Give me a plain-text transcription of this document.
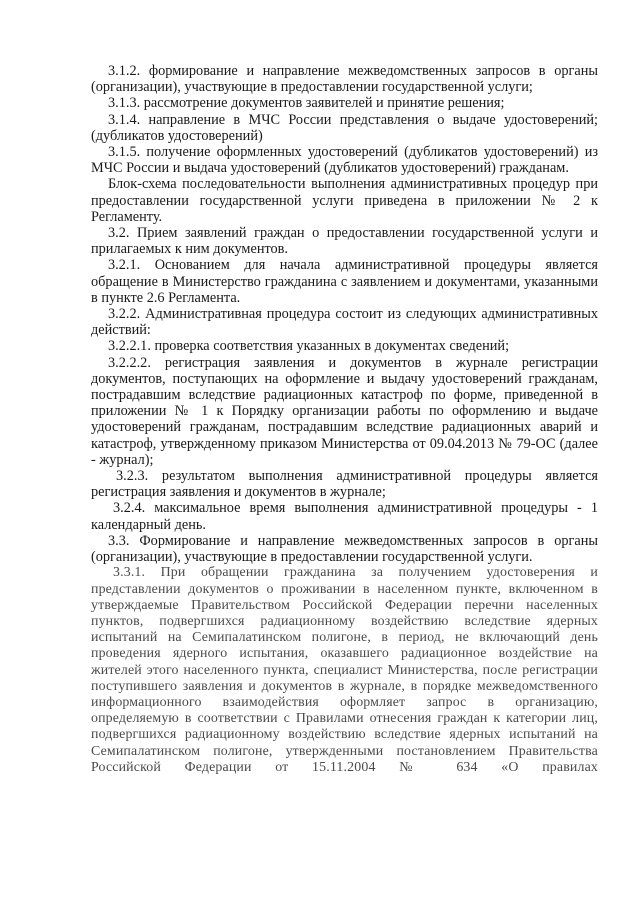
3.1.2. формирование и направление межведомственных запросов в органы (организации), участвующие в предоставлении государственной услуги;

3.1.3. рассмотрение документов заявителей и принятие решения;

3.1.4. направление в МЧС России представления о выдаче удостоверений; (дубликатов удостоверений)

3.1.5. получение оформленных удостоверений (дубликатов удостоверений) из МЧС России и выдача удостоверений (дубликатов удостоверений) гражданам.

Блок-схема последовательности выполнения административных процедур при предоставлении государственной услуги приведена в приложении № 2 к Регламенту.

3.2. Прием заявлений граждан о предоставлении государственной услуги и прилагаемых к ним документов.

3.2.1. Основанием для начала административной процедуры является обращение в Министерство гражданина с заявлением и документами, указанными в пункте 2.6 Регламента.

3.2.2. Административная процедура состоит из следующих административных действий:

3.2.2.1. проверка соответствия указанных в документах сведений;

3.2.2.2. регистрация заявления и документов в журнале регистрации документов, поступающих на оформление и выдачу удостоверений гражданам, пострадавшим вследствие радиационных катастроф по форме, приведенной в приложении № 1 к Порядку организации работы по оформлению и выдаче удостоверений гражданам, пострадавшим вследствие радиационных аварий и катастроф, утвержденному приказом Министерства от 09.04.2013 № 79-ОС (далее - журнал);

3.2.3. результатом выполнения административной процедуры является регистрация заявления и документов в журнале;

3.2.4. максимальное время выполнения административной процедуры - 1 календарный день.

3.3. Формирование и направление межведомственных запросов в органы (организации), участвующие в предоставлении государственной услуги.

3.3.1. При обращении гражданина за получением удостоверения и представлении документов о проживании в населенном пункте, включенном в утверждаемые Правительством Российской Федерации перечни населенных пунктов, подвергшихся радиационному воздействию вследствие ядерных испытаний на Семипалатинском полигоне, в период, не включающий день проведения ядерного испытания, оказавшего радиационное воздействие на жителей этого населенного пункта, специалист Министерства, после регистрации поступившего заявления и документов в журнале, в порядке межведомственного информационного взаимодействия оформляет запрос в организацию, определяемую в соответствии с Правилами отнесения граждан к категории лиц, подвергшихся радиационному воздействию вследствие ядерных испытаний на Семипалатинском полигоне, утвержденными постановлением Правительства Российской Федерации от 15.11.2004 № 634 «О правилах
